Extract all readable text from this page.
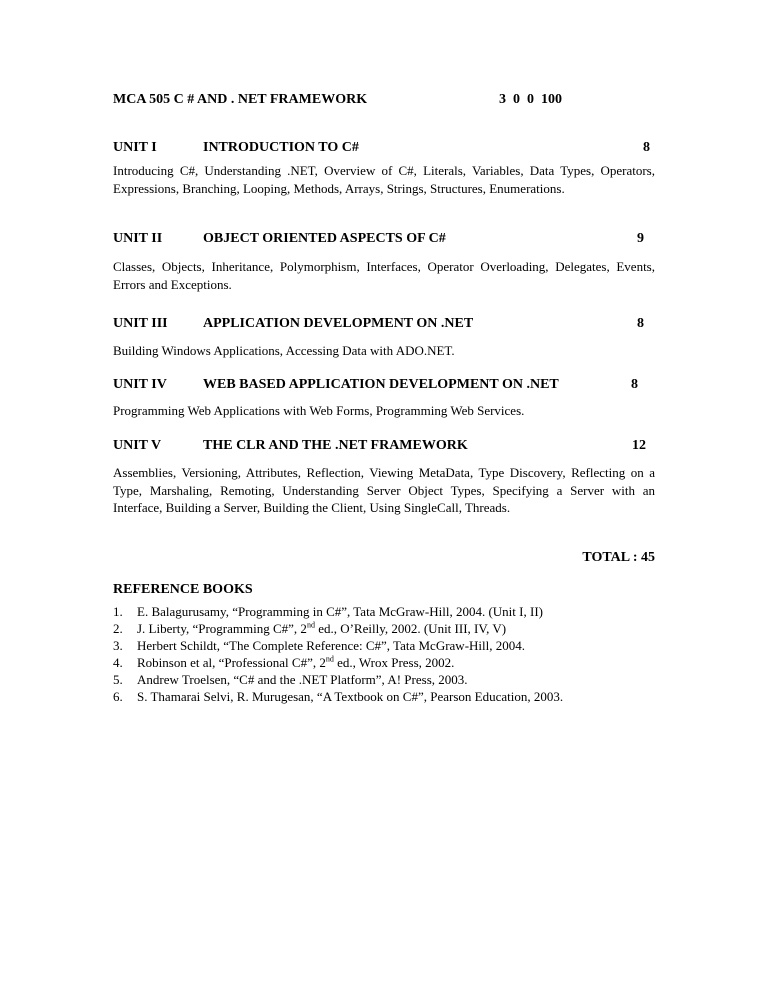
MCA 505 C # AND . NET FRAMEWORK	3  0  0  100
UNIT I	INTRODUCTION TO C#	8
Introducing C#, Understanding .NET, Overview of C#, Literals, Variables, Data Types, Operators, Expressions, Branching, Looping, Methods, Arrays, Strings, Structures, Enumerations.
UNIT II	OBJECT ORIENTED ASPECTS OF C#	9
Classes, Objects, Inheritance, Polymorphism, Interfaces, Operator Overloading, Delegates, Events, Errors and Exceptions.
UNIT III	APPLICATION DEVELOPMENT ON .NET	8
Building Windows Applications, Accessing Data with ADO.NET.
UNIT IV	WEB BASED APPLICATION DEVELOPMENT ON .NET	8
Programming Web Applications with Web Forms, Programming Web Services.
UNIT V	THE CLR AND THE .NET FRAMEWORK	12
Assemblies, Versioning, Attributes, Reflection, Viewing MetaData, Type Discovery, Reflecting on a Type, Marshaling, Remoting, Understanding Server Object Types, Specifying a Server with an Interface, Building a Server, Building the Client, Using SingleCall, Threads.
TOTAL : 45
REFERENCE BOOKS
1. E. Balagurusamy, “Programming in C#”, Tata McGraw-Hill, 2004. (Unit I, II)
2. J. Liberty, “Programming C#”, 2nd ed., O’Reilly, 2002. (Unit III, IV, V)
3. Herbert Schildt, “The Complete Reference: C#”, Tata McGraw-Hill, 2004.
4. Robinson et al, “Professional C#”, 2nd ed., Wrox Press, 2002.
5. Andrew Troelsen, “C# and the .NET Platform”, A! Press, 2003.
6. S. Thamarai Selvi, R. Murugesan, “A Textbook on C#”, Pearson Education, 2003.
